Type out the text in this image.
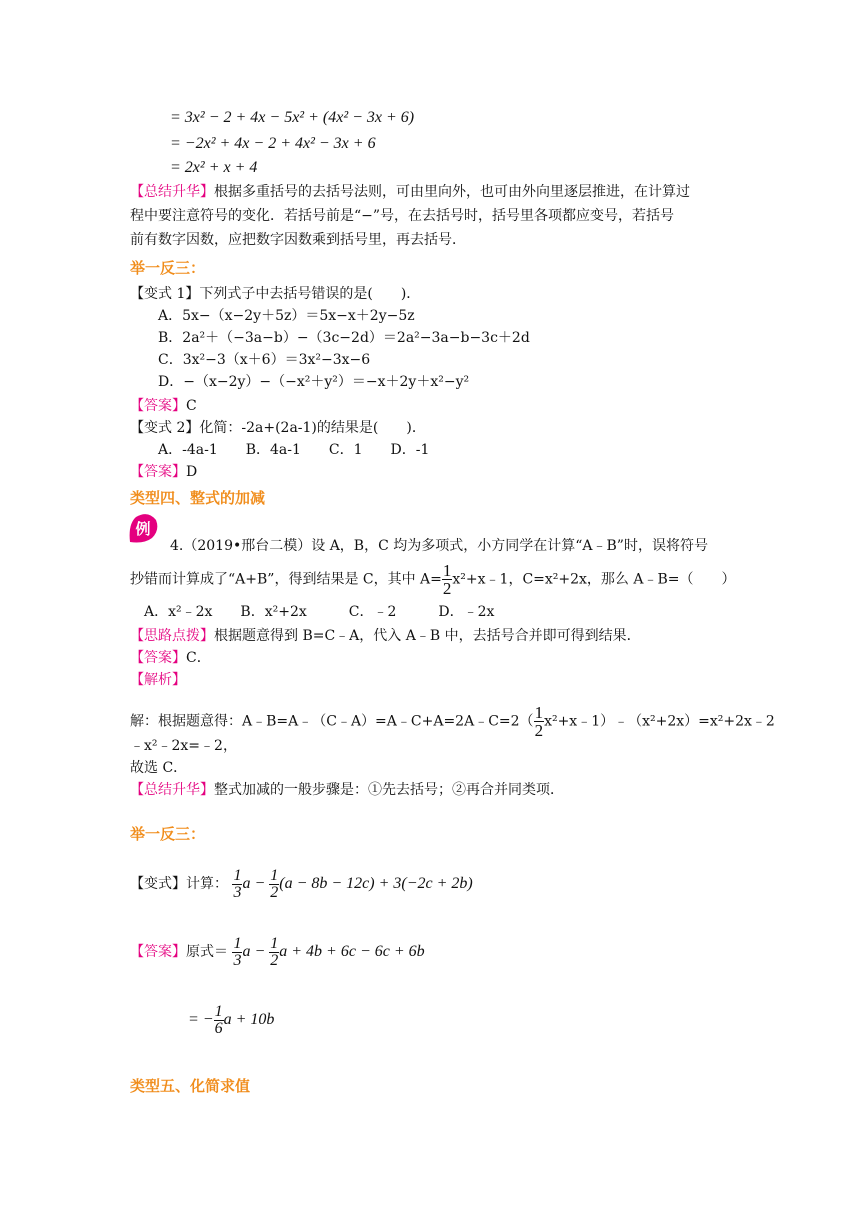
= 3x² − 2 + 4x − 5x² + (4x² − 3x + 6)
= −2x² + 4x − 2 + 4x² − 3x + 6
= 2x² + x + 4
【总结升华】根据多重括号的去括号法则，可由里向外，也可由外向里逐层推进，在计算过
程中要注意符号的变化．若括号前是“−”号，在去括号时，括号里各项都应变号，若括号
前有数字因数，应把数字因数乘到括号里，再去括号．
举一反三：
【变式 1】下列式子中去括号错误的是(　　)．
A．5x−（x−2y＋5z）＝5x−x＋2y−5z
B．2a²＋（−3a−b）−（3c−2d）＝2a²−3a−b−3c＋2d
C．3x²−3（x＋6）＝3x²−3x−6
D．−（x−2y）−（−x²＋y²）＝−x＋2y＋x²−y²
【答案】C
【变式 2】化简：-2a+(2a-1)的结果是(　　)．
A．-4a-1　　B．4a-1　　C．1　　D．-1
【答案】D
类型四、整式的加减
例
4.（2019•邢台二模）设 A，B，C 均为多项式，小方同学在计算“A﹣B”时，误将符号
抄错而计算成了“A+B”，得到结果是 C，其中 $A= \frac{1}{2}$ x²+x﹣1，C=x²+2x，那么 A﹣B=（　　）
A．x²﹣2x　　B．x²+2x　　　C．﹣2　　　D．﹣2x
【思路点拨】根据题意得到 B=C﹣A，代入 A﹣B 中，去括号合并即可得到结果．
【答案】C．
【解析】
解：根据题意得：A﹣B=A﹣（C﹣A）=A﹣C+A=2A﹣C=2（ $\frac{1}{2}$ x²+x﹣1）﹣（x²+2x）=x²+2x﹣2
﹣x²﹣2x=﹣2，
故选 C．
【总结升华】整式加减的一般步骤是：①先去括号；②再合并同类项．
举一反三：
【变式】计算： $\frac{1}{3}$ $a - \frac{1}{2} (a - 8b - 12c) + 3(-2c + 2b)$
【答案】原式＝ $\frac{1}{3}$ $a - \frac{1}{2}$ a + 4b + 6c − 6c + 6b
= − $\frac{1}{6}$ a + 10b
类型五、化简求值
